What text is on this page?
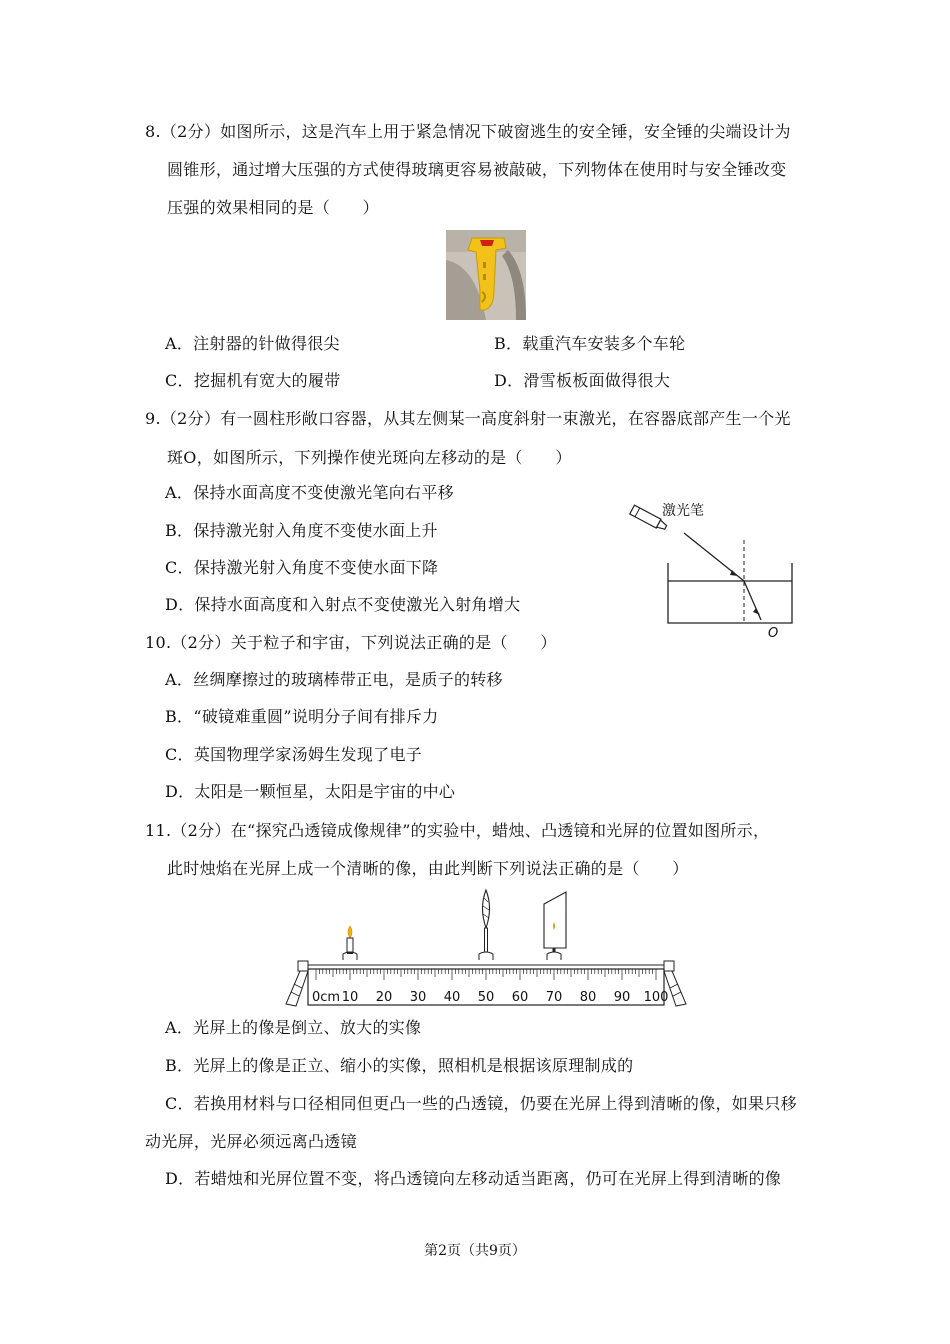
8.（2分）如图所示，这是汽车上用于紧急情况下破窗逃生的安全锤，安全锤的尖端设计为
圆锥形，通过增大压强的方式使得玻璃更容易被敲破，下列物体在使用时与安全锤改变
压强的效果相同的是（　　）
A．注射器的针做得很尖	B．载重汽车安装多个车轮
C．挖掘机有宽大的履带	D．滑雪板板面做得很大
9.（2分）有一圆柱形敞口容器，从其左侧某一高度斜射一束激光，在容器底部产生一个光
斑O，如图所示，下列操作使光斑向左移动的是（　　）
A．保持水面高度不变使激光笔向右平移
B．保持激光射入角度不变使水面上升
C．保持激光射入角度不变使水面下降
D．保持水面高度和入射点不变使激光入射角增大
激光笔
O
10.（2分）关于粒子和宇宙，下列说法正确的是（　　）
A．丝绸摩擦过的玻璃棒带正电，是质子的转移
B．“破镜难重圆”说明分子间有排斥力
C．英国物理学家汤姆生发现了电子
D．太阳是一颗恒星，太阳是宇宙的中心
11.（2分）在“探究凸透镜成像规律”的实验中，蜡烛、凸透镜和光屏的位置如图所示，
此时烛焰在光屏上成一个清晰的像，由此判断下列说法正确的是（　　）
0cm 10 20 30 40 50 60 70 80 90 100
A．光屏上的像是倒立、放大的实像
B．光屏上的像是正立、缩小的实像，照相机是根据该原理制成的
C．若换用材料与口径相同但更凸一些的凸透镜，仍要在光屏上得到清晰的像，如果只移
动光屏，光屏必须远离凸透镜
D．若蜡烛和光屏位置不变，将凸透镜向左移动适当距离，仍可在光屏上得到清晰的像
第2页（共9页）
